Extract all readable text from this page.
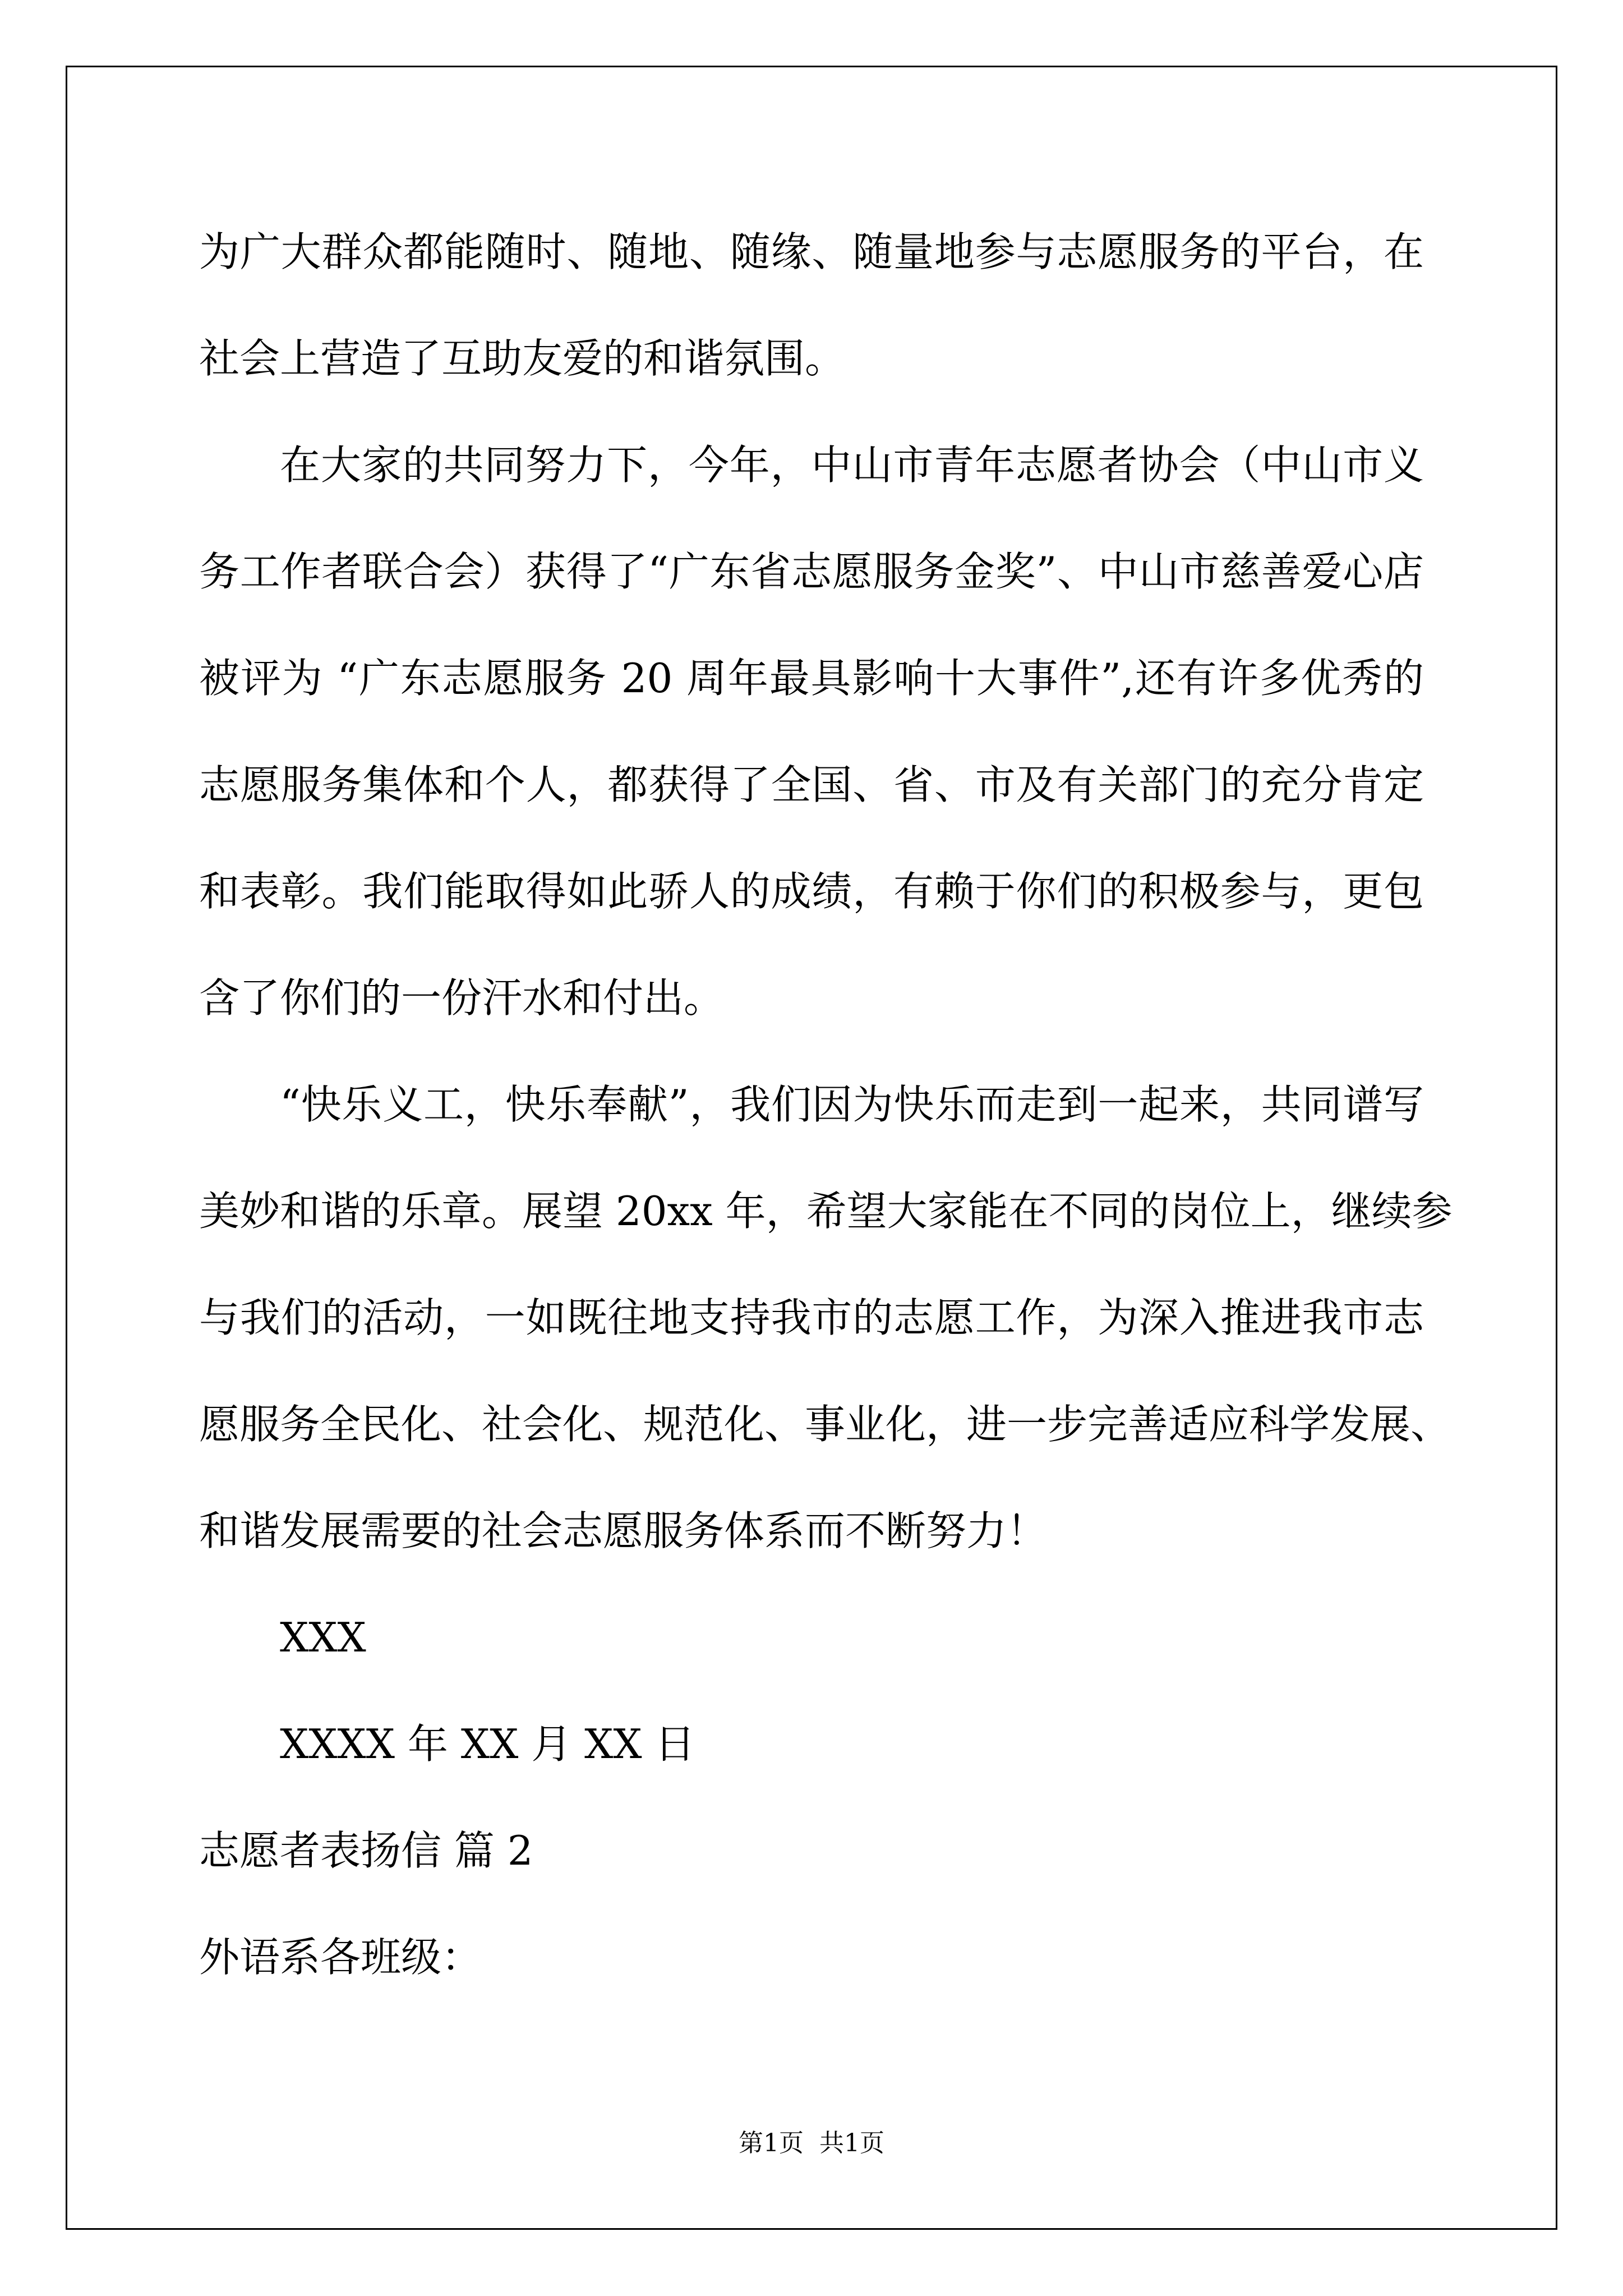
为广大群众都能随时、随地、随缘、随量地参与志愿服务的平台，在
社会上营造了互助友爱的和谐氛围。
在大家的共同努力下，今年，中山市青年志愿者协会（中山市义
务工作者联合会）获得了“广东省志愿服务金奖”、中山市慈善爱心店
被评为 “广东志愿服务 20 周年最具影响十大事件”,还有许多优秀的
志愿服务集体和个人，都获得了全国、省、市及有关部门的充分肯定
和表彰。我们能取得如此骄人的成绩，有赖于你们的积极参与，更包
含了你们的一份汗水和付出。
“快乐义工，快乐奉献”，我们因为快乐而走到一起来，共同谱写
美妙和谐的乐章。展望 20xx 年，希望大家能在不同的岗位上，继续参
与我们的活动，一如既往地支持我市的志愿工作，为深入推进我市志
愿服务全民化、社会化、规范化、事业化，进一步完善适应科学发展、
和谐发展需要的社会志愿服务体系而不断努力！
XXX
XXXX 年 XX 月 XX 日
志愿者表扬信 篇 2
外语系各班级：
第1页  共1页
